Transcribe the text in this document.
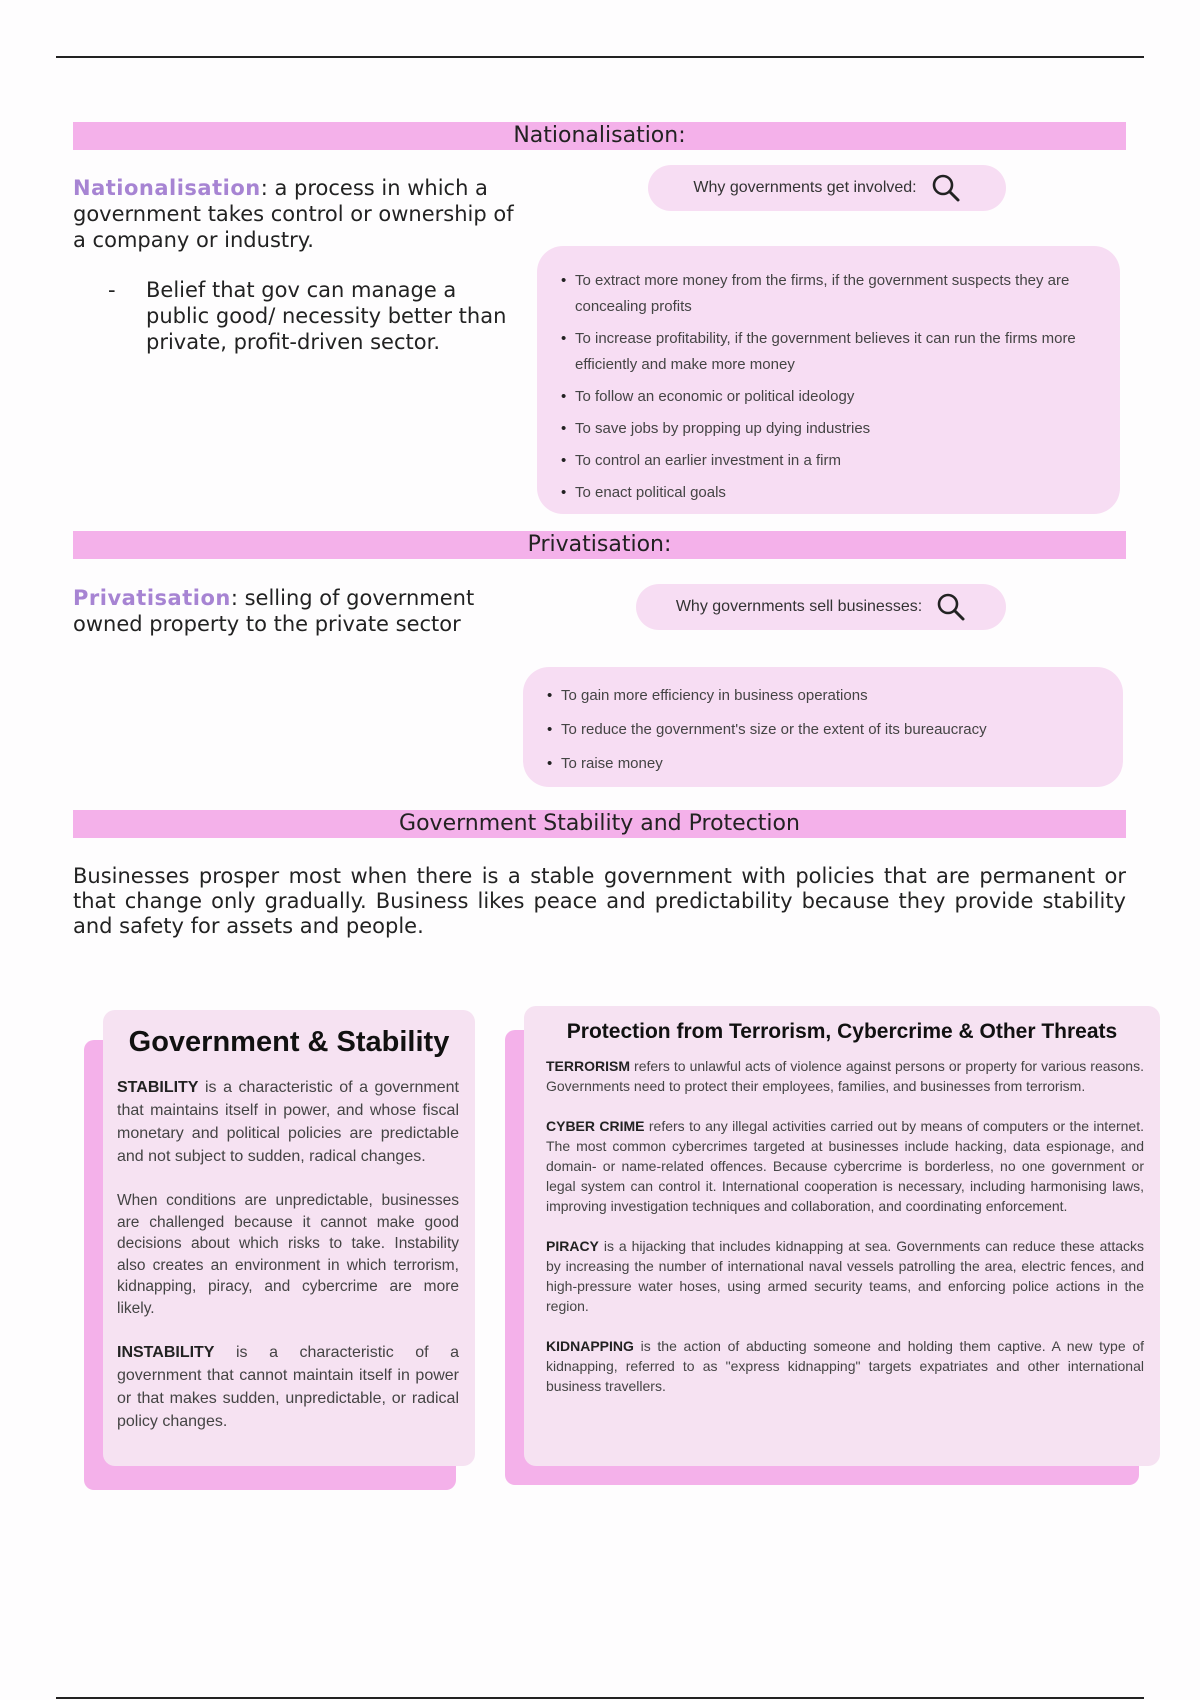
Nationalisation:
Nationalisation: a process in which a government takes control or ownership of a company or industry.
- Belief that gov can manage a public good/ necessity better than private, profit-driven sector.
Why governments get involved:
• To extract more money from the firms, if the government suspects they are concealing profits
• To increase profitability, if the government believes it can run the firms more efficiently and make more money
• To follow an economic or political ideology
• To save jobs by propping up dying industries
• To control an earlier investment in a firm
• To enact political goals
Privatisation:
Privatisation: selling of government owned property to the private sector
Why governments sell businesses:
• To gain more efficiency in business operations
• To reduce the government's size or the extent of its bureaucracy
• To raise money
Government Stability and Protection
Businesses prosper most when there is a stable government with policies that are permanent or that change only gradually. Business likes peace and predictability because they provide stability and safety for assets and people.
Government & Stability

STABILITY is a characteristic of a government that maintains itself in power, and whose fiscal monetary and political policies are predictable and not subject to sudden, radical changes.

When conditions are unpredictable, businesses are challenged because it cannot make good decisions about which risks to take. Instability also creates an environment in which terrorism, kidnapping, piracy, and cybercrime are more likely.

INSTABILITY is a characteristic of a government that cannot maintain itself in power or that makes sudden, unpredictable, or radical policy changes.

Protection from Terrorism, Cybercrime & Other Threats

TERRORISM refers to unlawful acts of violence against persons or property for various reasons. Governments need to protect their employees, families, and businesses from terrorism.

CYBER CRIME refers to any illegal activities carried out by means of computers or the internet. The most common cybercrimes targeted at businesses include hacking, data espionage, and domain- or name-related offences. Because cybercrime is borderless, no one government or legal system can control it. International cooperation is necessary, including harmonising laws, improving investigation techniques and collaboration, and coordinating enforcement.

PIRACY is a hijacking that includes kidnapping at sea. Governments can reduce these attacks by increasing the number of international naval vessels patrolling the area, electric fences, and high-pressure water hoses, using armed security teams, and enforcing police actions in the region.

KIDNAPPING is the action of abducting someone and holding them captive. A new type of kidnapping, referred to as "express kidnapping" targets expatriates and other international business travellers.
